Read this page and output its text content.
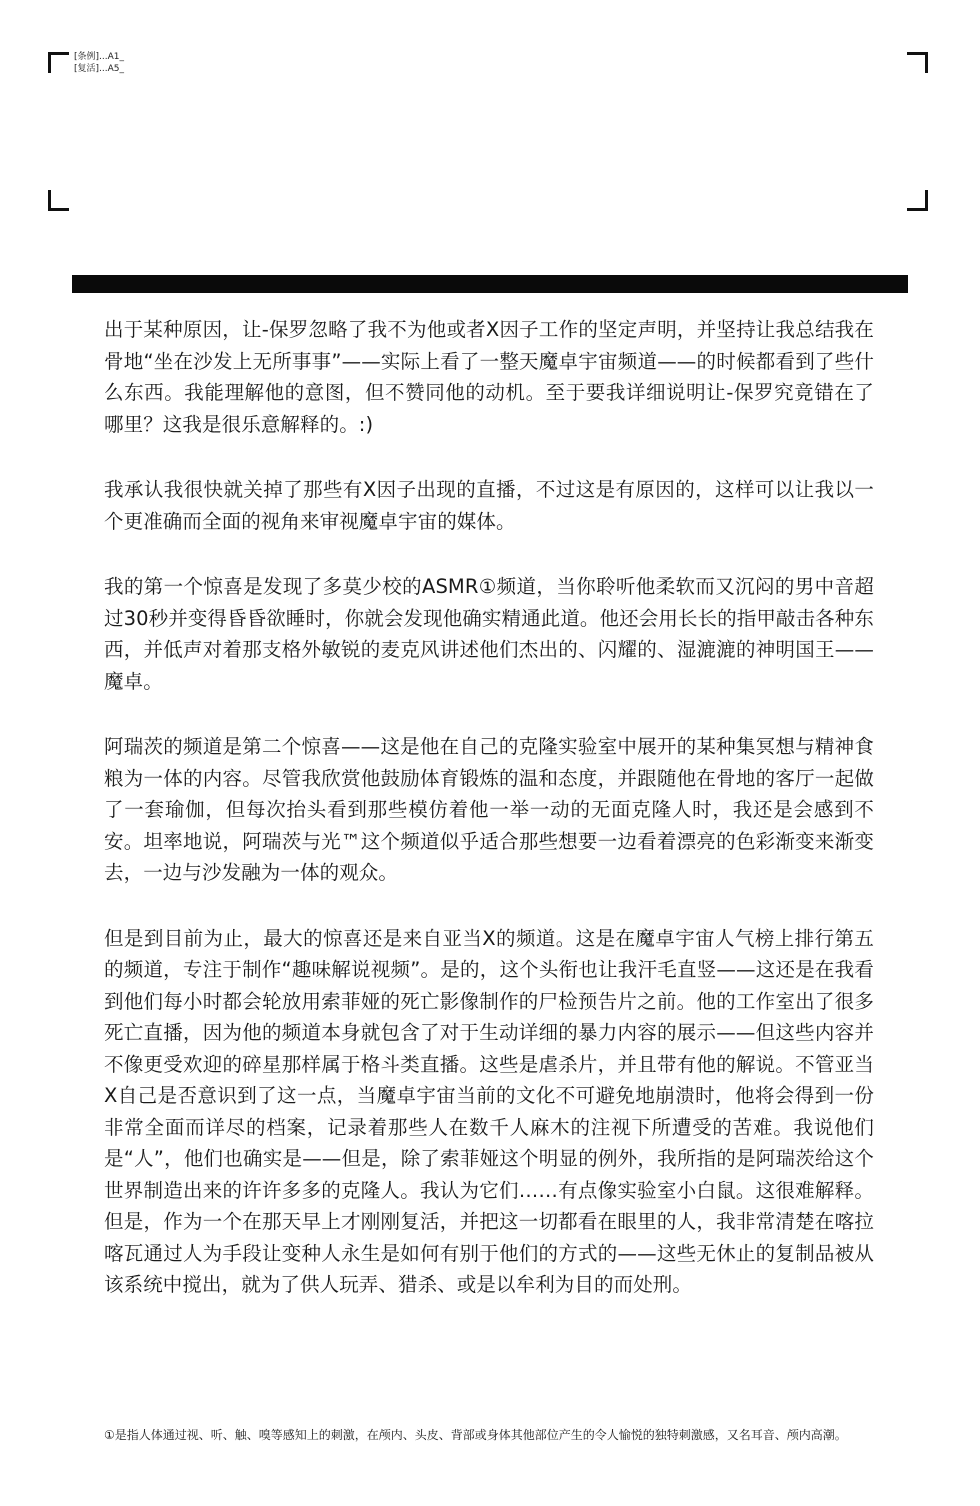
[条例]...A1_
[复活]...A5_

出于某种原因，让-保罗忽略了我不为他或者X因子工作的坚定声明，并坚持让我总结我在骨地“坐在沙发上无所事事”——实际上看了一整天魔卓宇宙频道——的时候都看到了些什么东西。我能理解他的意图，但不赞同他的动机。至于要我详细说明让-保罗究竟错在了哪里？这我是很乐意解释的。:)

我承认我很快就关掉了那些有X因子出现的直播，不过这是有原因的，这样可以让我以一个更准确而全面的视角来审视魔卓宇宙的媒体。

我的第一个惊喜是发现了多莫少校的ASMR①频道，当你聆听他柔软而又沉闷的男中音超过30秒并变得昏昏欲睡时，你就会发现他确实精通此道。他还会用长长的指甲敲击各种东西，并低声对着那支格外敏锐的麦克风讲述他们杰出的、闪耀的、湿漉漉的神明国王——魔卓。

阿瑞茨的频道是第二个惊喜——这是他在自己的克隆实验室中展开的某种集冥想与精神食粮为一体的内容。尽管我欣赏他鼓励体育锻炼的温和态度，并跟随他在骨地的客厅一起做了一套瑜伽，但每次抬头看到那些模仿着他一举一动的无面克隆人时，我还是会感到不安。坦率地说，阿瑞茨与光™这个频道似乎适合那些想要一边看着漂亮的色彩渐变来渐变去，一边与沙发融为一体的观众。

但是到目前为止，最大的惊喜还是来自亚当X的频道。这是在魔卓宇宙人气榜上排行第五的频道，专注于制作“趣味解说视频”。是的，这个头衔也让我汗毛直竖——这还是在我看到他们每小时都会轮放用索菲娅的死亡影像制作的尸检预告片之前。他的工作室出了很多死亡直播，因为他的频道本身就包含了对于生动详细的暴力内容的展示——但这些内容并不像更受欢迎的碎星那样属于格斗类直播。这些是虐杀片，并且带有他的解说。不管亚当X自己是否意识到了这一点，当魔卓宇宙当前的文化不可避免地崩溃时，他将会得到一份非常全面而详尽的档案，记录着那些人在数千人麻木的注视下所遭受的苦难。我说他们是“人”，他们也确实是——但是，除了索菲娅这个明显的例外，我所指的是阿瑞茨给这个世界制造出来的许许多多的克隆人。我认为它们……有点像实验室小白鼠。这很难解释。但是，作为一个在那天早上才刚刚复活，并把这一切都看在眼里的人，我非常清楚在喀拉喀瓦通过人为手段让变种人永生是如何有别于他们的方式的——这些无休止的复制品被从该系统中搅出，就为了供人玩弄、猎杀、或是以牟利为目的而处刑。

①是指人体通过视、听、触、嗅等感知上的刺激，在颅内、头皮、背部或身体其他部位产生的令人愉悦的独特刺激感，又名耳音、颅内高潮。
